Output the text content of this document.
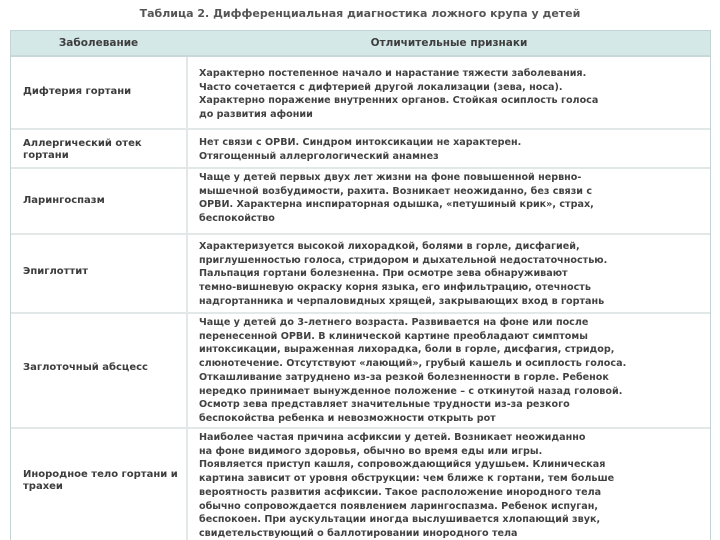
Таблица 2. Дифференциальная диагностика ложного крупа у детей
Заболевание	Отличительные признаки
Дифтерия гортани
Характерно постепенное начало и нарастание тяжести заболевания.
Часто сочетается с дифтерией другой локализации (зева, носа).
Характерно поражение внутренних органов. Стойкая осиплость голоса
до развития афонии
Аллергический отек гортани
Нет связи с ОРВИ. Синдром интоксикации не характерен.
Отягощенный аллергологический анамнез
Ларингоспазм
Чаще у детей первых двух лет жизни на фоне повышенной нервно-
мышечной возбудимости, рахита. Возникает неожиданно, без связи с
ОРВИ. Характерна инспираторная одышка, «петушиный крик», страх,
беспокойство
Эпиглоттит
Характеризуется высокой лихорадкой, болями в горле, дисфагией,
приглушенностью голоса, стридором и дыхательной недостаточностью.
Пальпация гортани болезненна. При осмотре зева обнаруживают
темно-вишневую окраску корня языка, его инфильтрацию, отечность
надгортанника и черпаловидных хрящей, закрывающих вход в гортань
Заглоточный абсцесс
Чаще у детей до 3-летнего возраста. Развивается на фоне или после
перенесенной ОРВИ. В клинической картине преобладают симптомы
интоксикации, выраженная лихорадка, боли в горле, дисфагия, стридор,
слюнотечение. Отсутствуют «лающий», грубый кашель и осиплость голоса.
Откашливание затруднено из-за резкой болезненности в горле. Ребенок
нередко принимает вынужденное положение – с откинутой назад головой.
Осмотр зева представляет значительные трудности из-за резкого
беспокойства ребенка и невозможности открыть рот
Инородное тело гортани и трахеи
Наиболее частая причина асфиксии у детей. Возникает неожиданно
на фоне видимого здоровья, обычно во время еды или игры.
Появляется приступ кашля, сопровождающийся удушьем. Клиническая
картина зависит от уровня обструкции: чем ближе к гортани, тем больше
вероятность развития асфиксии. Такое расположение инородного тела
обычно сопровождается появлением ларингоспазма. Ребенок испуган,
беспокоен. При аускультации иногда выслушивается хлопающий звук,
свидетельствующий о баллотировании инородного тела
